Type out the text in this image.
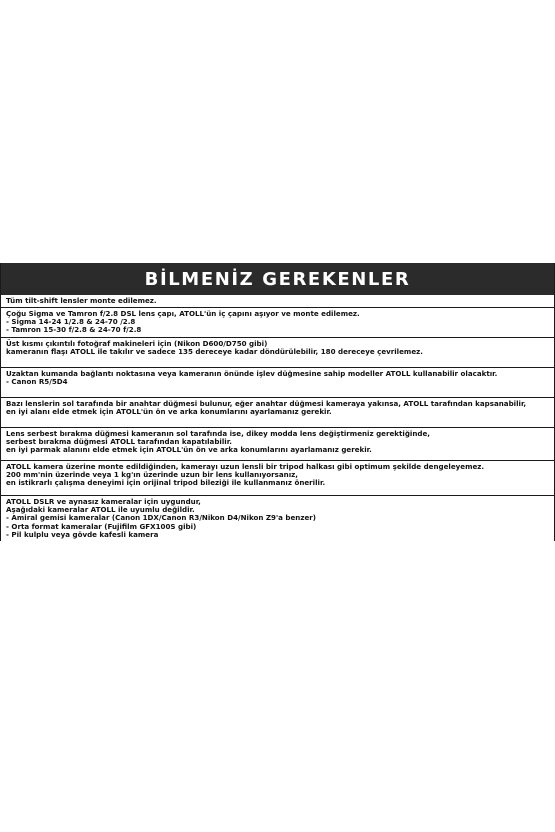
BİLMENİZ GEREKENLER
Tüm tilt-shift lensler monte edilemez.
Çoğu Sigma ve Tamron f/2.8 DSL lens çapı, ATOLL'ün iç çapını aşıyor ve monte edilemez.
- Sigma 14-24 1/2.8 & 24-70 /2.8
- Tamron 15-30 f/2.8 & 24-70 f/2.8
Üst kısmı çıkıntılı fotoğraf makineleri için (Nikon D600/D750 gibi)
kameranın flaşı ATOLL ile takılır ve sadece 135 dereceye kadar döndürülebilir, 180 dereceye çevrilemez.
Uzaktan kumanda bağlantı noktasına veya kameranın önünde işlev düğmesine sahip modeller ATOLL kullanabilir olacaktır.
- Canon R5/5D4
Bazı lenslerin sol tarafında bir anahtar düğmesi bulunur, eğer anahtar düğmesi kameraya yakınsa, ATOLL tarafından kapsanabilir,
en iyi alanı elde etmek için ATOLL'ün ön ve arka konumlarını ayarlamanız gerekir.
Lens serbest bırakma düğmesi kameranın sol tarafında ise, dikey modda lens değiştirmeniz gerektiğinde,
serbest bırakma düğmesi ATOLL tarafından kapatılabilir.
en iyi parmak alanını elde etmek için ATOLL'ün ön ve arka konumlarını ayarlamanız gerekir.
ATOLL kamera üzerine monte edildiğinden, kamerayı uzun lensli bir tripod halkası gibi optimum şekilde dengeleyemez.
200 mm'nin üzerinde veya 1 kg'ın üzerinde uzun bir lens kullanıyorsanız,
en istikrarlı çalışma deneyimi için orijinal tripod bileziği ile kullanmanız önerilir.
ATOLL DSLR ve aynasız kameralar için uygundur,
Aşağıdaki kameralar ATOLL ile uyumlu değildir.
- Amiral gemisi kameralar (Canon 1DX/Canon R3/Nikon D4/Nikon Z9'a benzer)
- Orta format kameralar (Fujifilm GFX100S gibi)
- Pil kulplu veya gövde kafesli kamera
